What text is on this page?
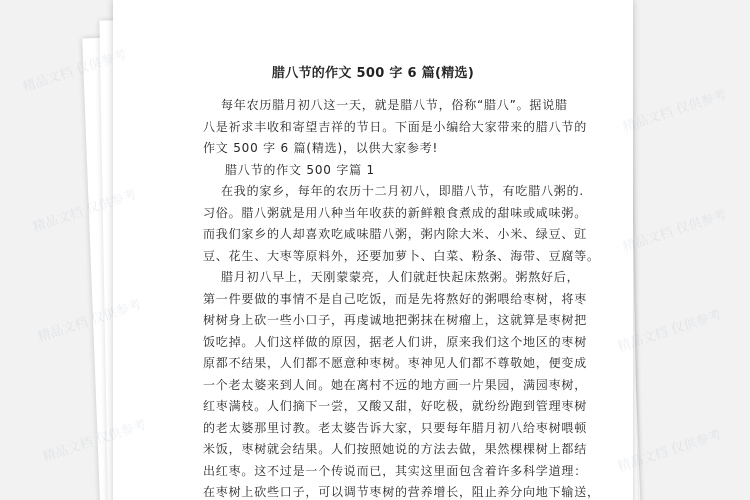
腊八节的作文 500 字 6 篇(精选)
每年农历腊月初八这一天，就是腊八节，俗称“腊八”。据说腊
八是祈求丰收和寄望吉祥的节日。下面是小编给大家带来的腊八节的
作文 500 字 6 篇(精选)，以供大家参考!
腊八节的作文 500 字篇 1
在我的家乡，每年的农历十二月初八，即腊八节，有吃腊八粥的.
习俗。腊八粥就是用八种当年收获的新鲜粮食煮成的甜味或咸味粥。
而我们家乡的人却喜欢吃咸味腊八粥，粥内除大米、小米、绿豆、豇
豆、花生、大枣等原料外，还要加萝卜、白菜、粉条、海带、豆腐等。
腊月初八早上，天刚蒙蒙亮，人们就赶快起床熬粥。粥熬好后，
第一件要做的事情不是自己吃饭，而是先将熬好的粥喂给枣树，将枣
树树身上砍一些小口子，再虔诚地把粥抹在树瘤上，这就算是枣树把
饭吃掉。人们这样做的原因，据老人们讲，原来我们这个地区的枣树
原都不结果，人们都不愿意种枣树。枣神见人们都不尊敬她，便变成
一个老太婆来到人间。她在离村不远的地方画一片果园，满园枣树，
红枣满枝。人们摘下一尝，又酸又甜，好吃极，就纷纷跑到管理枣树
的老太婆那里讨教。老太婆告诉大家，只要每年腊月初八给枣树喂顿
米饭，枣树就会结果。人们按照她说的方法去做，果然棵棵树上都结
出红枣。这不过是一个传说而已，其实这里面包含着许多科学道理：
在枣树上砍些口子，可以调节枣树的营养增长，阻止养分向地下输送，
精品文档 仅供参考
精品文档 仅供参考
精品文档 仅供参考
精品文档 仅供参考
精品文档 仅供参考
精品文档 仅供参考
精品文档 仅供参考
精品文档 仅供参考
